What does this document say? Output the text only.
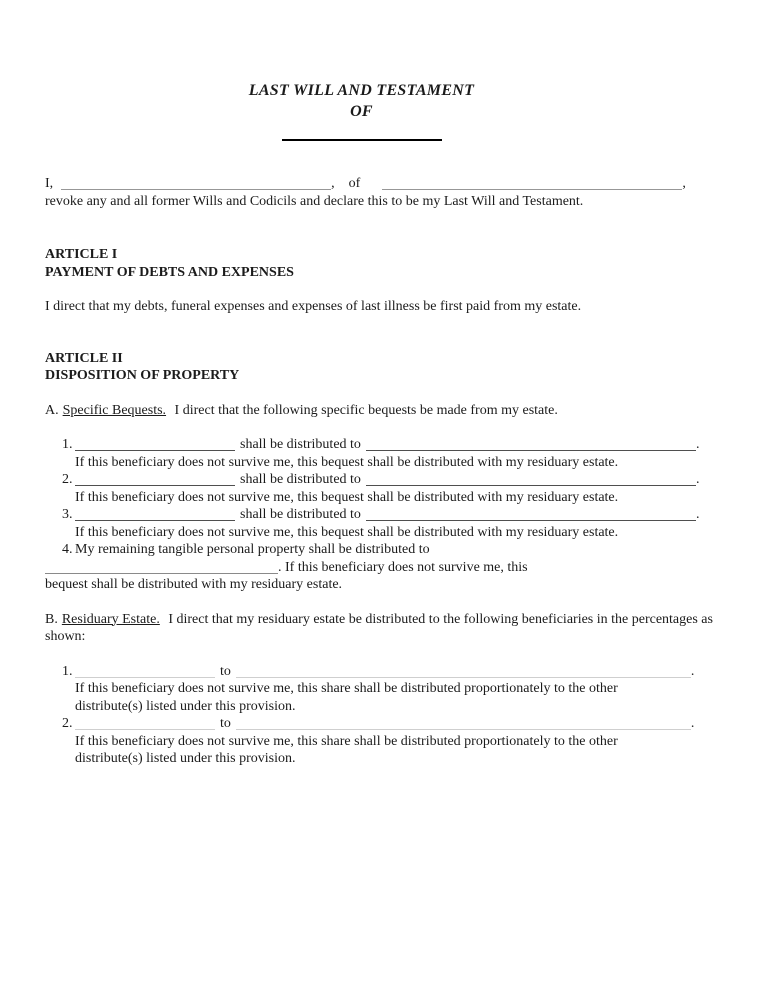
LAST WILL AND TESTAMENT
OF
I,	, of	,
revoke any and all former Wills and Codicils and declare this to be my Last Will and Testament.
ARTICLE I
PAYMENT OF DEBTS AND EXPENSES
I direct that my debts, funeral expenses and expenses of last illness be first paid from my estate.
ARTICLE II
DISPOSITION OF PROPERTY
A. Specific Bequests. I direct that the following specific bequests be made from my estate.
1.	shall be distributed to	.
If this beneficiary does not survive me, this bequest shall be distributed with my residuary estate.
2.	shall be distributed to	.
If this beneficiary does not survive me, this bequest shall be distributed with my residuary estate.
3.	shall be distributed to	.
If this beneficiary does not survive me, this bequest shall be distributed with my residuary estate.
4. My remaining tangible personal property shall be distributed to
. If this beneficiary does not survive me, this
bequest shall be distributed with my residuary estate.
B. Residuary Estate. I direct that my residuary estate be distributed to the following beneficiaries in the percentages as shown:
1.	to	.
If this beneficiary does not survive me, this share shall be distributed proportionately to the other
distribute(s) listed under this provision.
2.	to	.
If this beneficiary does not survive me, this share shall be distributed proportionately to the other
distribute(s) listed under this provision.
